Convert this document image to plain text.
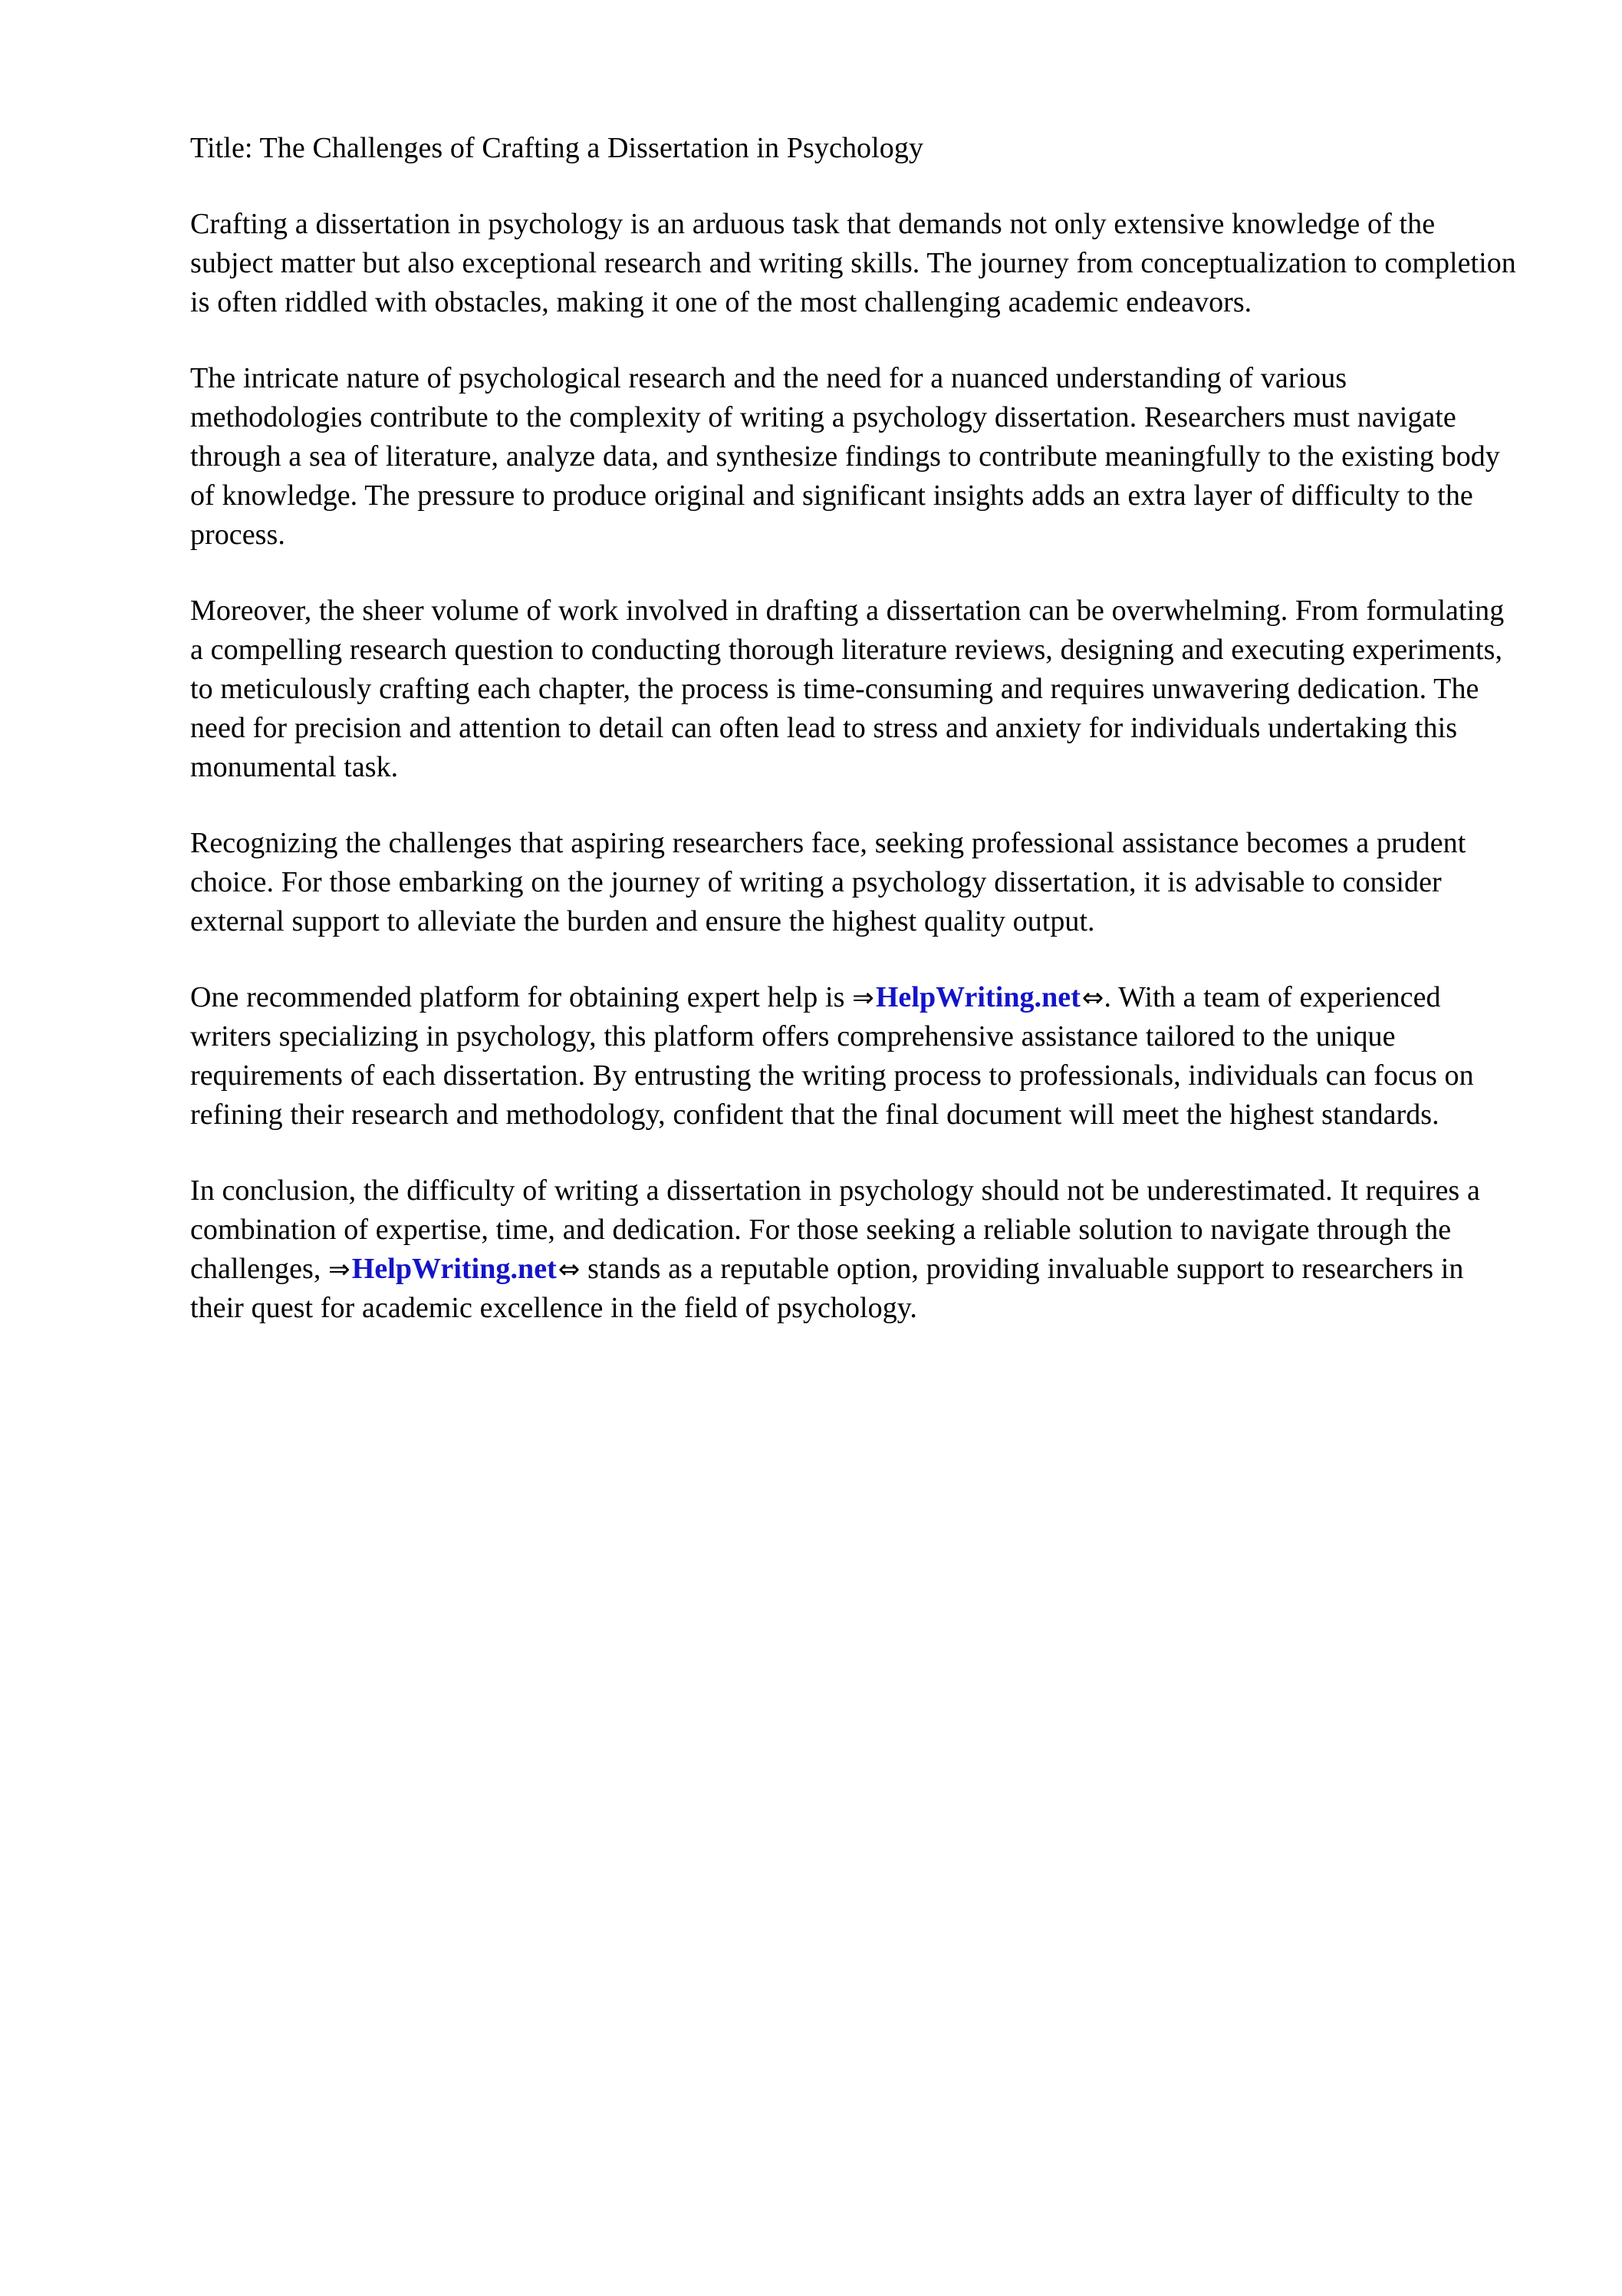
Title: The Challenges of Crafting a Dissertation in Psychology

Crafting a dissertation in psychology is an arduous task that demands not only extensive knowledge of the subject matter but also exceptional research and writing skills. The journey from conceptualization to completion is often riddled with obstacles, making it one of the most challenging academic endeavors.

The intricate nature of psychological research and the need for a nuanced understanding of various methodologies contribute to the complexity of writing a psychology dissertation. Researchers must navigate through a sea of literature, analyze data, and synthesize findings to contribute meaningfully to the existing body of knowledge. The pressure to produce original and significant insights adds an extra layer of difficulty to the process.

Moreover, the sheer volume of work involved in drafting a dissertation can be overwhelming. From formulating a compelling research question to conducting thorough literature reviews, designing and executing experiments, to meticulously crafting each chapter, the process is time-consuming and requires unwavering dedication. The need for precision and attention to detail can often lead to stress and anxiety for individuals undertaking this monumental task.

Recognizing the challenges that aspiring researchers face, seeking professional assistance becomes a prudent choice. For those embarking on the journey of writing a psychology dissertation, it is advisable to consider external support to alleviate the burden and ensure the highest quality output.

One recommended platform for obtaining expert help is ⇒HelpWriting.net⇔. With a team of experienced writers specializing in psychology, this platform offers comprehensive assistance tailored to the unique requirements of each dissertation. By entrusting the writing process to professionals, individuals can focus on refining their research and methodology, confident that the final document will meet the highest standards.

In conclusion, the difficulty of writing a dissertation in psychology should not be underestimated. It requires a combination of expertise, time, and dedication. For those seeking a reliable solution to navigate through the challenges, ⇒HelpWriting.net⇔ stands as a reputable option, providing invaluable support to researchers in their quest for academic excellence in the field of psychology.
